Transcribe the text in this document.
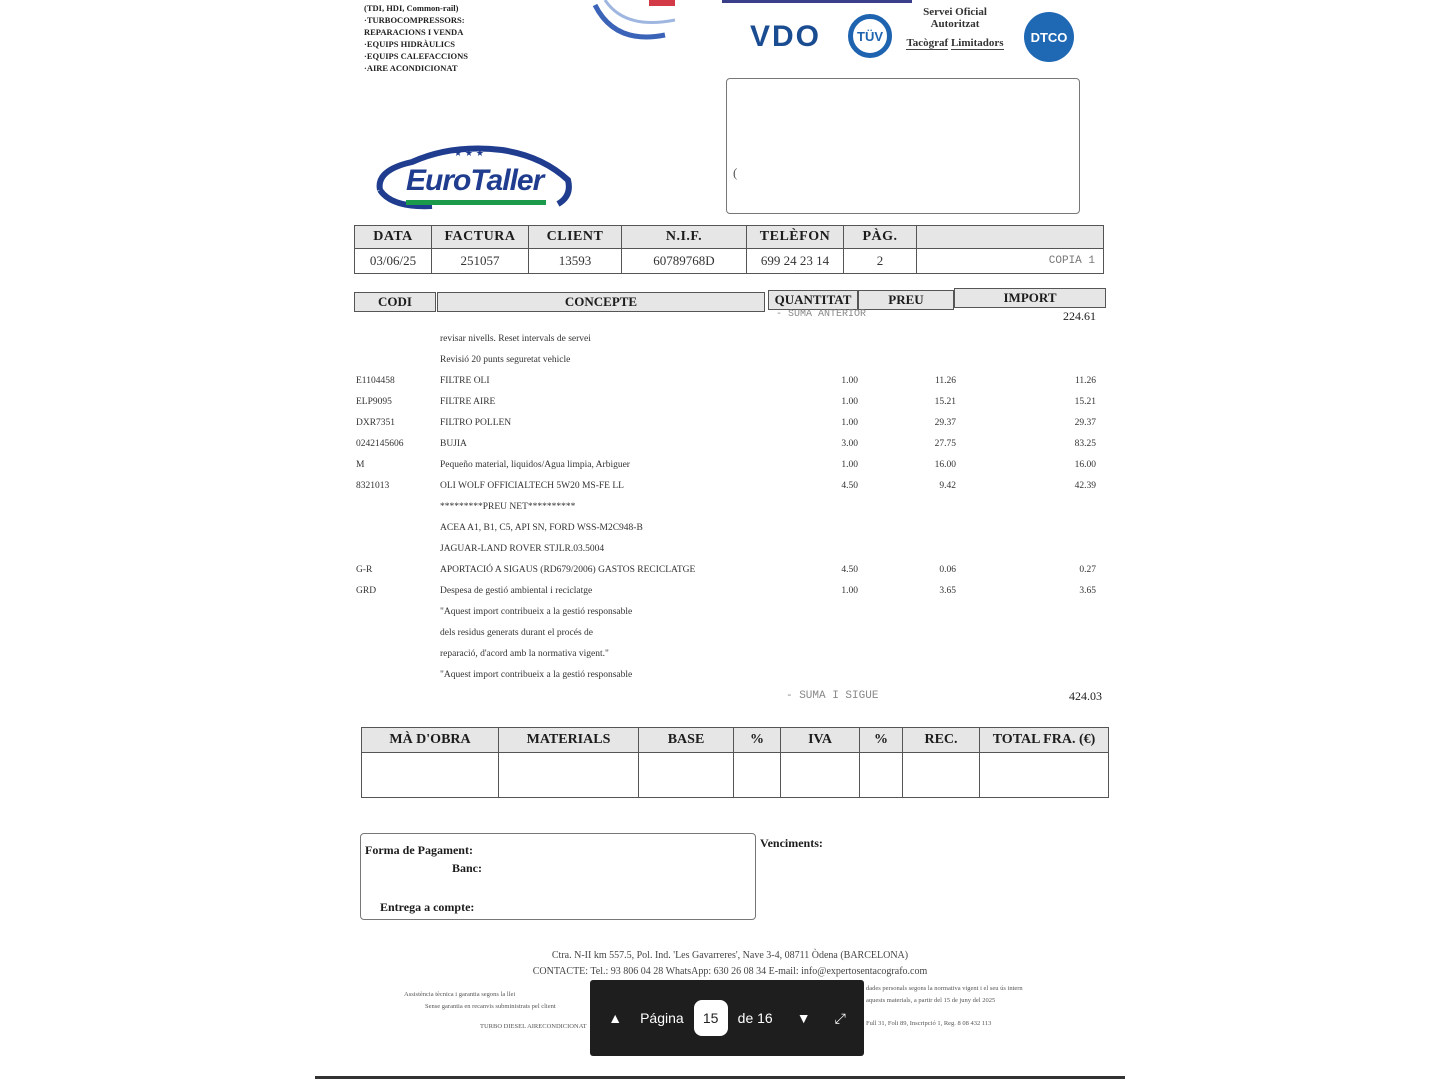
(TDI, HDI, Common-rail)
·TURBOCOMPRESSORS:
REPARACIONS I VENDA
·EQUIPS HIDRÀULICS
·EQUIPS CALEFACCIONS
·AIRE ACONDICIONAT
VDO	TÜV
Servei Oficial
Autoritzat
Tacògraf Limitadors DTCO
(
★ ★ ★
EuroTaller
DATA	FACTURA	CLIENT	N.I.F.	TELÈFON	PÀG.	
03/06/25	251057	13593	60789768D	699 24 23 14	2	COPIA 1
CODI	CONCEPTE	QUANTITAT	PREU	IMPORT
- SUMA ANTERIOR	224.61
revisar nivells. Reset intervals de servei
Revisió 20 punts seguretat vehicle
E1104458	FILTRE OLI	1.00	11.26	11.26
ELP9095	FILTRE AIRE	1.00	15.21	15.21
DXR7351	FILTRO POLLEN	1.00	29.37	29.37
0242145606	BUJIA	3.00	27.75	83.25
M	Pequeño material, liquidos/Agua limpia, Arbiguer	1.00	16.00	16.00
8321013	OLI WOLF OFFICIALTECH 5W20 MS-FE LL	4.50	9.42	42.39
*********PREU NET**********
ACEA A1, B1, C5, API SN, FORD WSS-M2C948-B
JAGUAR-LAND ROVER STJLR.03.5004
G-R	APORTACIÓ A SIGAUS (RD679/2006) GASTOS RECICLATGE	4.50	0.06	0.27
GRD	Despesa de gestió ambiental i reciclatge	1.00	3.65	3.65
"Aquest import contribueix a la gestió responsable
dels residus generats durant el procés de
reparació, d'acord amb la normativa vigent."
"Aquest import contribueix a la gestió responsable
- SUMA I SIGUE	424.03
MÀ D'OBRA	MATERIALS	BASE	%	IVA	%	REC.	TOTAL FRA. (€)

Forma de Pagament:
Banc:
Entrega a compte:
Venciments:
Ctra. N-II km 557.5, Pol. Ind. 'Les Gavarreres', Nave 3-4, 08711 Òdena (BARCELONA)
CONTACTE: Tel.: 93 806 04 28 WhatsApp: 630 26 08 34 E-mail: info@expertosentacografo.com
Assistència tècnica i garantia segons la llei
Sense garantia en recanvis subministrats pel client
TURBO DIESEL AIRECONDICIONAT
dades personals segons la normativa vigent i el seu ús intern
aquests materials, a partir del 15 de juny del 2025
Full 31, Foli 89, Inscripció 1, Reg. 8 08 432 113
▲ Página	15	de 16 ▼ ⤢
